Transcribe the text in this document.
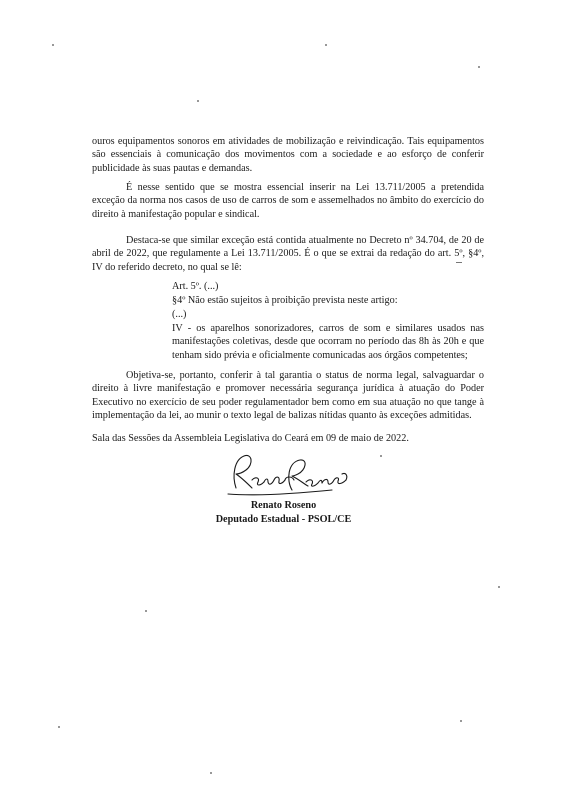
ouros equipamentos sonoros em atividades de mobilização e reivindicação. Tais equipamentos são essenciais à comunicação dos movimentos com a sociedade e ao esforço de conferir publicidade às suas pautas e demandas.

É nesse sentido que se mostra essencial inserir na Lei 13.711/2005 a pretendida exceção da norma nos casos de uso de carros de som e assemelhados no âmbito do exercício do direito à manifestação popular e sindical.

Destaca-se que similar exceção está contida atualmente no Decreto nº 34.704, de 20 de abril de 2022, que regulamente a Lei 13.711/2005. É o que se extrai da redação do art. 5º, §4º, IV do referido decreto, no qual se lê:

Art. 5º. (...)

§4º Não estão sujeitos à proibição prevista neste artigo:

(...)

IV - os aparelhos sonorizadores, carros de som e similares usados nas manifestações coletivas, desde que ocorram no período das 8h às 20h e que tenham sido prévia e oficialmente comunicadas aos órgãos competentes;

Objetiva-se, portanto, conferir à tal garantia o status de norma legal, salvaguardar o direito à livre manifestação e promover necessária segurança jurídica à atuação do Poder Executivo no exercício de seu poder regulamentador bem como em sua atuação no que tange à implementação da lei, ao munir o texto legal de balizas nítidas quanto às exceções admitidas.

Sala das Sessões da Assembleia Legislativa do Ceará em 09 de maio de 2022.

Renato Roseno

Deputado Estadual - PSOL/CE
